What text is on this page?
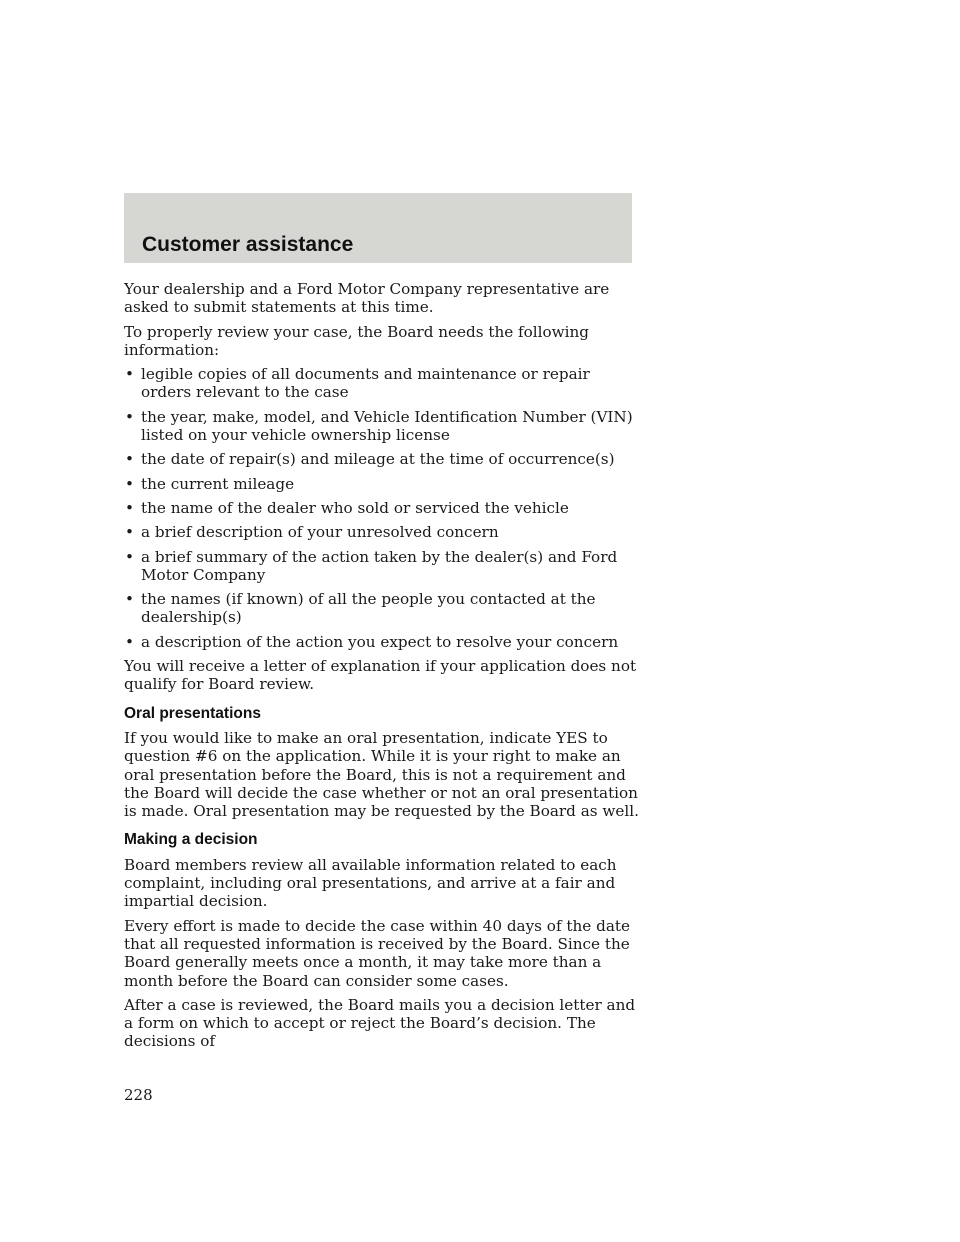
Customer assistance

Your dealership and a Ford Motor Company representative are asked to submit statements at this time.

To properly review your case, the Board needs the following information:

• legible copies of all documents and maintenance or repair orders relevant to the case
• the year, make, model, and Vehicle Identification Number (VIN) listed on your vehicle ownership license
• the date of repair(s) and mileage at the time of occurrence(s)
• the current mileage
• the name of the dealer who sold or serviced the vehicle
• a brief description of your unresolved concern
• a brief summary of the action taken by the dealer(s) and Ford Motor Company
• the names (if known) of all the people you contacted at the dealership(s)
• a description of the action you expect to resolve your concern

You will receive a letter of explanation if your application does not qualify for Board review.

Oral presentations

If you would like to make an oral presentation, indicate YES to question #6 on the application. While it is your right to make an oral presentation before the Board, this is not a requirement and the Board will decide the case whether or not an oral presentation is made. Oral presentation may be requested by the Board as well.

Making a decision

Board members review all available information related to each complaint, including oral presentations, and arrive at a fair and impartial decision.

Every effort is made to decide the case within 40 days of the date that all requested information is received by the Board. Since the Board generally meets once a month, it may take more than a month before the Board can consider some cases.

After a case is reviewed, the Board mails you a decision letter and a form on which to accept or reject the Board’s decision. The decisions of

228
